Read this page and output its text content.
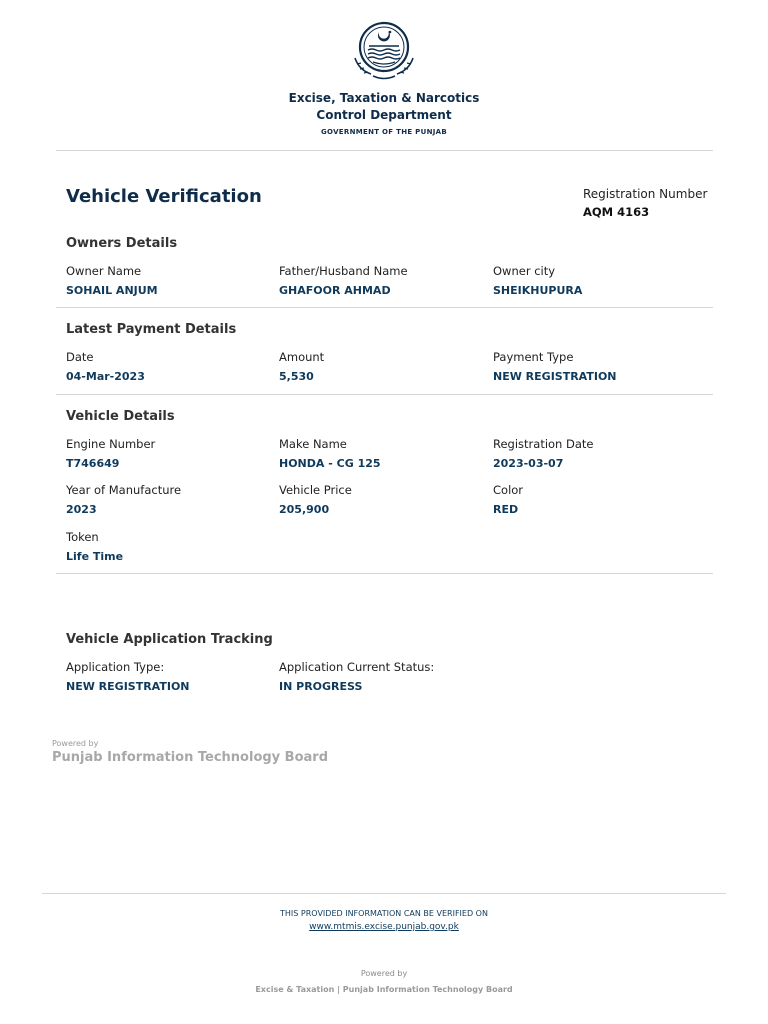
Excise, Taxation & Narcotics
Control Department
GOVERNMENT OF THE PUNJAB
Vehicle Verification	Registration Number
AQM 4163
Owners Details
Owner Name
SOHAIL ANJUM
Father/Husband Name
GHAFOOR AHMAD
Owner city
SHEIKHUPURA
Latest Payment Details
Date
04-Mar-2023
Amount
5,530
Payment Type
NEW REGISTRATION
Vehicle Details
Engine Number
T746649
Make Name
HONDA - CG 125
Registration Date
2023-03-07
Year of Manufacture
2023
Vehicle Price
205,900
Color
RED
Token
Life Time
Vehicle Application Tracking
Application Type:
NEW REGISTRATION
Application Current Status:
IN PROGRESS
Powered by
Punjab Information Technology Board
THIS PROVIDED INFORMATION CAN BE VERIFIED ON
www.mtmis.excise.punjab.gov.pk
Powered by
Excise & Taxation | Punjab Information Technology Board
